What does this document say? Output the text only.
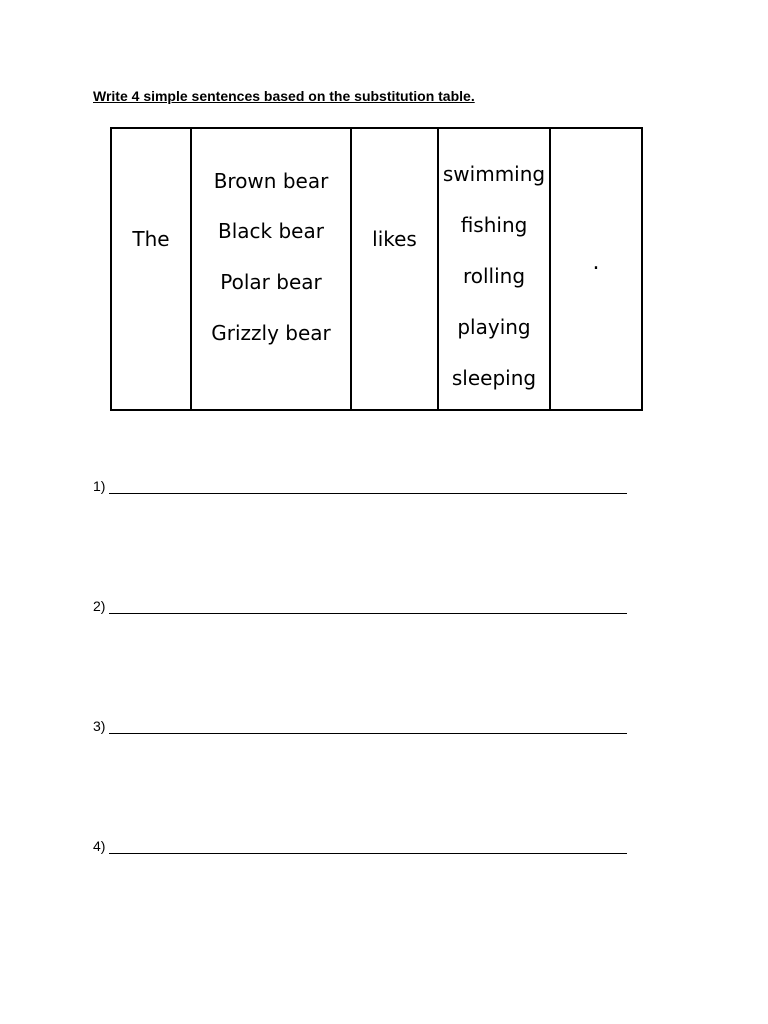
Write 4 simple sentences based on the substitution table.
The
Brown bear
Black bear
Polar bear
Grizzly bear
likes
swimming
fishing
rolling
playing
sleeping
.
1)
2)
3)
4)
